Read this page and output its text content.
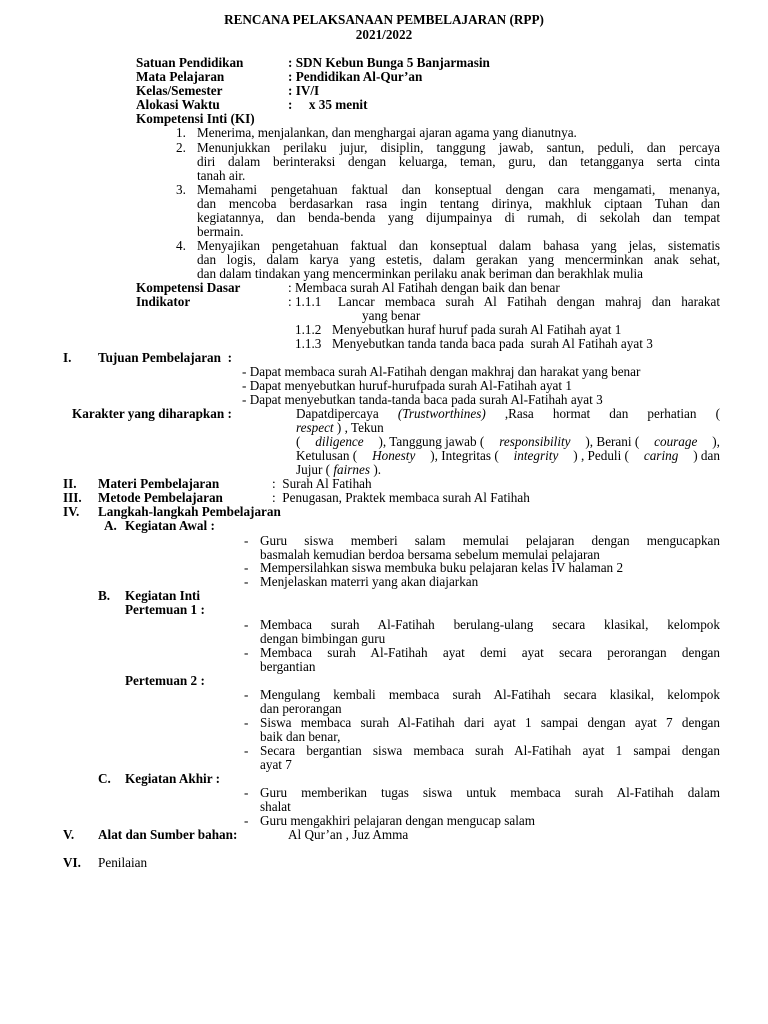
RENCANA PELAKSANAAN PEMBELAJARAN (RPP)
2021/2022
Satuan Pendidikan	: SDN Kebun Bunga 5 Banjarmasin
Mata Pelajaran	: Pendidikan Al-Qur’an
Kelas/Semester	: IV/I
Alokasi Waktu	:     x 35 menit
Kompetensi Inti (KI)
1. Menerima, menjalankan, dan menghargai ajaran agama yang dianutnya.
2. Menunjukkan perilaku jujur, disiplin, tanggung jawab, santun, peduli, dan percaya
diri dalam berinteraksi dengan keluarga, teman, guru, dan tetangganya serta cinta
tanah air.
3. Memahami pengetahuan faktual dan konseptual dengan cara mengamati, menanya,
dan mencoba berdasarkan rasa ingin tentang dirinya, makhluk ciptaan Tuhan dan
kegiatannya, dan benda-benda yang dijumpainya di rumah, di sekolah dan tempat
bermain.
4. Menyajikan pengetahuan faktual dan konseptual dalam bahasa yang jelas, sistematis
dan logis, dalam karya yang estetis, dalam gerakan yang mencerminkan anak sehat,
dan dalam tindakan yang mencerminkan perilaku anak beriman dan berakhlak mulia
Kompetensi Dasar	: Membaca surah Al Fatihah dengan baik dan benar
Indikator	: 1.1.1 Lancar membaca surah Al Fatihah dengan mahraj dan harakat
yang benar
1.1.2 Menyebutkan huraf huruf pada surah Al Fatihah ayat 1
1.1.3 Menyebutkan tanda tanda baca pada  surah Al Fatihah ayat 3
I. Tujuan Pembelajaran  :
- Dapat membaca surah Al-Fatihah dengan makhraj dan harakat yang benar
- Dapat menyebutkan huruf-hurufpada surah Al-Fatihah ayat 1
- Dapat menyebutkan tanda-tanda baca pada surah Al-Fatihah ayat 3
Karakter yang diharapkan :	Dapatdipercaya (Trustworthines) ,Rasa hormat dan perhatian (
respect ) , Tekun
( diligence ), Tanggung jawab ( responsibility ), Berani ( courage ),
Ketulusan ( Honesty ), Integritas ( integrity ) , Peduli ( caring ) dan
Jujur ( fairnes ).
II. Materi Pembelajaran	:  Surah Al Fatihah
III. Metode Pembelajaran	:  Penugasan, Praktek membaca surah Al Fatihah
IV. Langkah-langkah Pembelajaran
A. Kegiatan Awal :
- Guru siswa memberi salam memulai pelajaran dengan mengucapkan
basmalah kemudian berdoa bersama sebelum memulai pelajaran
- Mempersilahkan siswa membuka buku pelajaran kelas IV halaman 2
- Menjelaskan materri yang akan diajarkan
B. Kegiatan Inti
Pertemuan 1 :
- Membaca surah Al-Fatihah berulang-ulang secara klasikal, kelompok
dengan bimbingan guru
- Membaca surah Al-Fatihah ayat demi ayat secara perorangan dengan
bergantian
Pertemuan 2 :
- Mengulang kembali membaca surah Al-Fatihah secara klasikal, kelompok
dan perorangan
- Siswa membaca surah Al-Fatihah dari ayat 1 sampai dengan ayat 7 dengan
baik dan benar,
- Secara bergantian siswa membaca surah Al-Fatihah ayat 1 sampai dengan
ayat 7
C. Kegiatan Akhir :
- Guru memberikan tugas siswa untuk membaca surah Al-Fatihah dalam
shalat
- Guru mengakhiri pelajaran dengan mengucap salam
V. Alat dan Sumber bahan:	Al Qur’an , Juz Amma
VI. Penilaian
